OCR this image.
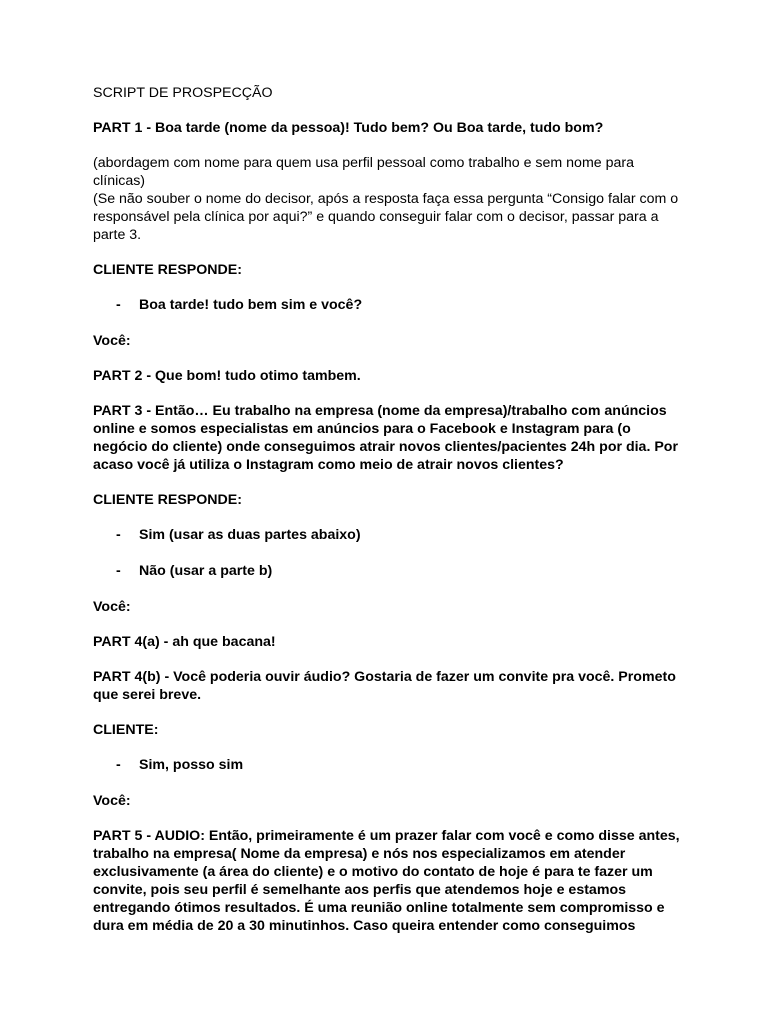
SCRIPT DE PROSPECÇÃO

PART 1 - Boa tarde (nome da pessoa)! Tudo bem? Ou Boa tarde, tudo bom?

(abordagem com nome para quem usa perfil pessoal como trabalho e sem nome para clínicas)
(Se não souber o nome do decisor, após a resposta faça essa pergunta “Consigo falar com o responsável pela clínica por aqui?” e quando conseguir falar com o decisor, passar para a parte 3.

CLIENTE RESPONDE:

- Boa tarde! tudo bem sim e você?

Você:

PART 2 - Que bom! tudo otimo tambem.

PART 3 - Então… Eu trabalho na empresa (nome da empresa)/trabalho com anúncios online e somos especialistas em anúncios para o Facebook e Instagram para (o negócio do cliente) onde conseguimos atrair novos clientes/pacientes 24h por dia. Por acaso você já utiliza o Instagram como meio de atrair novos clientes?

CLIENTE RESPONDE:

- Sim (usar as duas partes abaixo)
- Não (usar a parte b)

Você:

PART 4(a) - ah que bacana!

PART 4(b) - Você poderia ouvir áudio? Gostaria de fazer um convite pra você. Prometo que serei breve.

CLIENTE:

- Sim, posso sim

Você:

PART 5 - AUDIO: Então, primeiramente é um prazer falar com você e como disse antes, trabalho na empresa( Nome da empresa) e nós nos especializamos em atender exclusivamente (a área do cliente) e o motivo do contato de hoje é para te fazer um convite, pois seu perfil é semelhante aos perfis que atendemos hoje e estamos entregando ótimos resultados. É uma reunião online totalmente sem compromisso e dura em média de 20 a 30 minutinhos. Caso queira entender como conseguimos
